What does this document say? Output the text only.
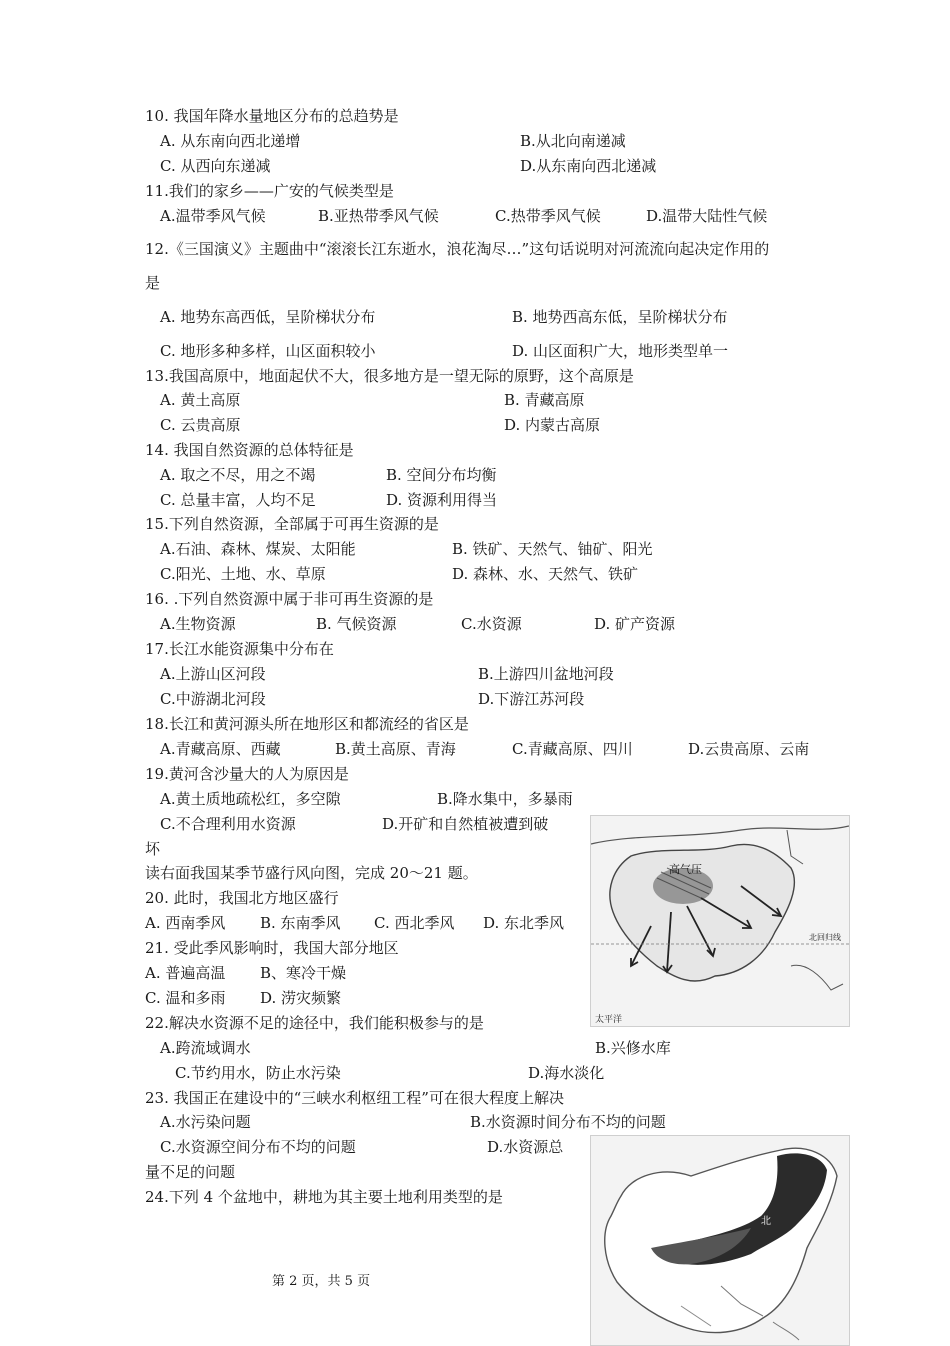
10. 我国年降水量地区分布的总趋势是
A. 从东南向西北递增	B.从北向南递减
C. 从西向东递减	D.从东南向西北递减
11.我们的家乡——广安的气候类型是
A.温带季风气候	B.亚热带季风气候	C.热带季风气候	D.温带大陆性气候
12.《三国演义》主题曲中“滚滚长江东逝水，浪花淘尽…”这句话说明对河流流向起决定作用的
是
A. 地势东高西低，呈阶梯状分布	B. 地势西高东低，呈阶梯状分布
C. 地形多种多样，山区面积较小	D. 山区面积广大，地形类型单一
13.我国高原中，地面起伏不大，很多地方是一望无际的原野，这个高原是
A. 黄土高原	B. 青藏高原
C. 云贵高原	D. 内蒙古高原
14. 我国自然资源的总体特征是
A. 取之不尽，用之不竭	B. 空间分布均衡
C. 总量丰富，人均不足	D. 资源利用得当
15.下列自然资源，全部属于可再生资源的是
A.石油、森林、煤炭、太阳能	B. 铁矿、天然气、铀矿、阳光
C.阳光、土地、水、草原	D. 森林、水、天然气、铁矿
16. .下列自然资源中属于非可再生资源的是
A.生物资源	B. 气候资源	C.水资源	D. 矿产资源
17.长江水能资源集中分布在
A.上游山区河段	B.上游四川盆地河段
C.中游湖北河段	D.下游江苏河段
18.长江和黄河源头所在地形区和都流经的省区是
A.青藏高原、西藏	B.黄土高原、青海	C.青藏高原、四川	D.云贵高原、云南
19.黄河含沙量大的人为原因是
A.黄土质地疏松红，多空隙	B.降水集中，多暴雨
C.不合理利用水资源	D.开矿和自然植被遭到破
坏
读右面我国某季节盛行风向图，完成 20～21 题。
20. 此时，我国北方地区盛行
A. 西南季风 B. 东南季风 C. 西北季风 D. 东北季风
21. 受此季风影响时，我国大部分地区
A. 普遍高温 B、寒冷干燥
C. 温和多雨 D. 涝灾频繁
22.解决水资源不足的途径中，我们能积极参与的是
A.跨流域调水	B.兴修水库
C.节约用水，防止水污染	D.海水淡化
23. 我国正在建设中的“三峡水利枢纽工程”可在很大程度上解决
A.水污染问题	B.水资源时间分布不均的问题
C.水资源空间分布不均的问题	D.水资源总
量不足的问题
24.下列 4 个盆地中，耕地为其主要土地利用类型的是
高气压
北回归线
太平洋
北
第 2 页，共 5 页
